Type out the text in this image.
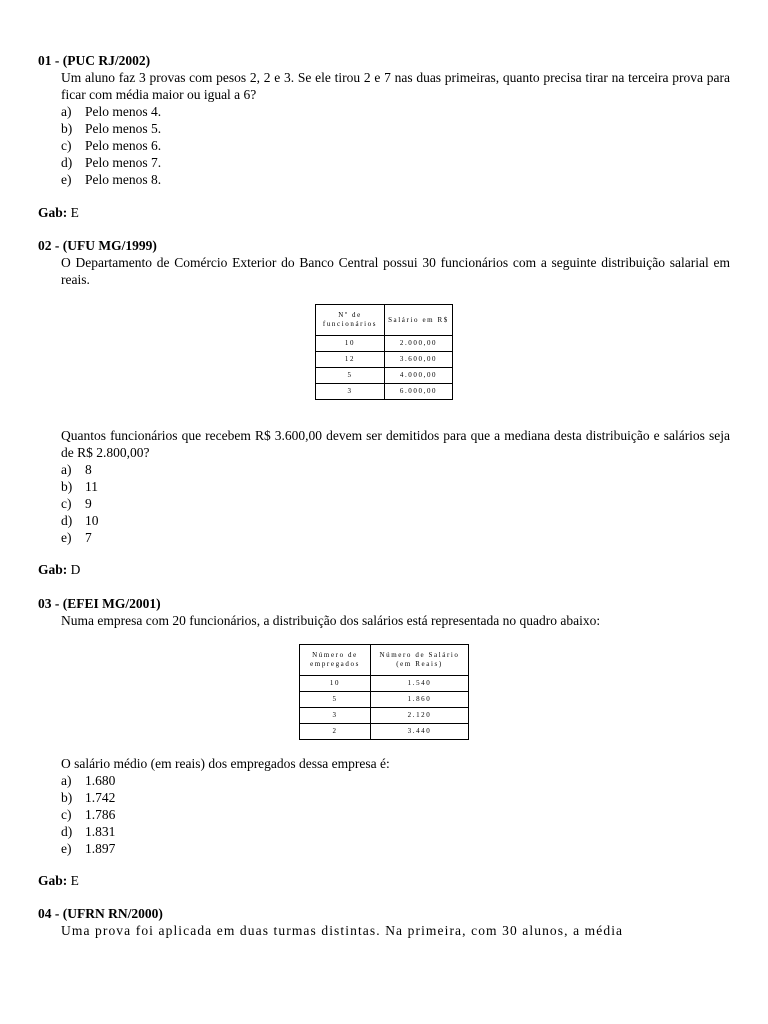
01 - (PUC RJ/2002)
Um aluno faz 3 provas com pesos 2, 2 e 3. Se ele tirou 2 e 7 nas duas primeiras, quanto precisa tirar na terceira prova para ficar com média maior ou igual a 6?
a)	Pelo menos 4.
b) Pelo menos 5.
c)	Pelo menos 6.
d) Pelo menos 7.
e)	Pelo menos 8.
Gab: E
02 - (UFU MG/1999)
O Departamento de Comércio Exterior do Banco Central possui 30 funcionários com a seguinte distribuição salarial em reais.
Nº de funcionários	Salário em R$
10	2.000,00
12	3.600,00
5	4.000,00
3	6.000,00
Quantos funcionários que recebem R$ 3.600,00 devem ser demitidos para que a mediana desta distribuição e salários seja de R$ 2.800,00?
a)	8
b) 11
c)	9
d) 10
e)	7
Gab: D
03 - (EFEI MG/2001)
Numa empresa com 20 funcionários, a distribuição dos salários está representada no quadro abaixo:
Número de empregados	Número de Salário (em Reais)
10	1.540
5	1.860
3	2.120
2	3.440
O salário médio (em reais) dos empregados dessa empresa é:
a)	1.680
b) 1.742
c)	1.786
d) 1.831
e)	1.897
Gab: E
04 - (UFRN RN/2000)
Uma prova foi aplicada em duas turmas distintas. Na primeira, com 30 alunos, a média
